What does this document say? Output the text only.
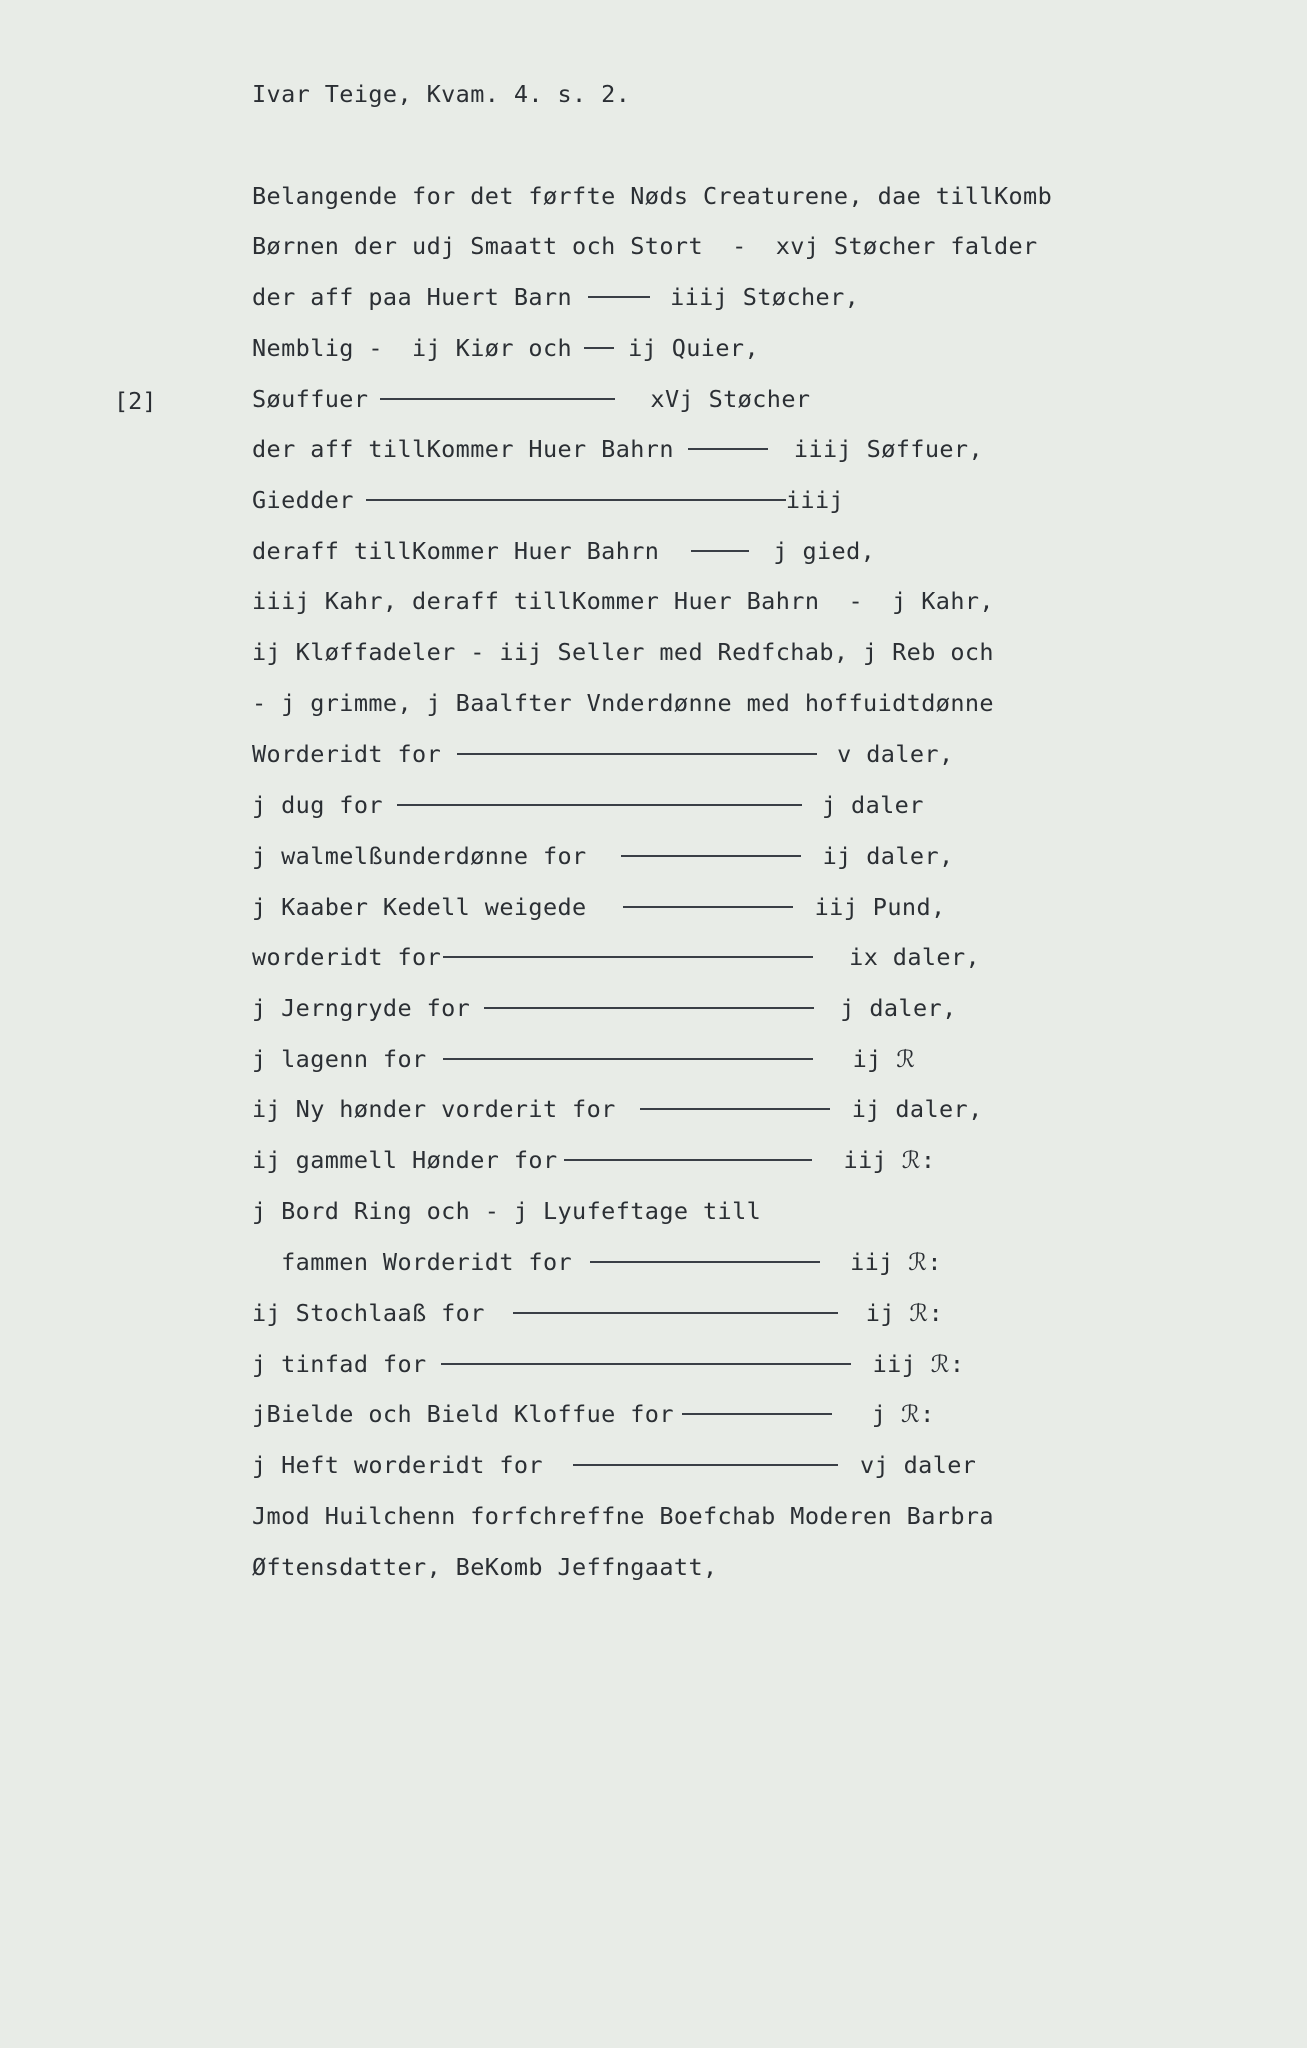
Ivar Teige, Kvam. 4. s. 2.
[2]
Belangende for det førfte Nøds Creaturene, dae tillKomb
Børnen der udj Smaatt och Stort  -  xvj Støcher falder
der aff paa Huert Barn	iiij Støcher,
Nemblig -  ij Kiør och ij Quier,
Søuffuer	xVj Støcher
der aff tillKommer Huer Bahrn	iiij Søffuer,
Giedder	iiij
deraff tillKommer Huer Bahrn	j gied,
iiij Kahr, deraff tillKommer Huer Bahrn  -  j Kahr,
ij Kløffadeler - iij Seller med Redfchab, j Reb och
- j grimme, j Baalfter Vnderdønne med hoffuidtdønne
Worderidt for	v daler,
j dug for	j daler
j walmelßunderdønne for	ij daler,
j Kaaber Kedell weigede	iij Pund,
worderidt for	ix daler,
j Jerngryde for	j daler,
j lagenn for	ij ℛ
ij Ny hønder vorderit for	ij daler,
ij gammell Hønder for	iij ℛ:
j Bord Ring och - j Lyufeftage till
fammen Worderidt for	iij ℛ:
ij Stochlaaß for	ij ℛ:
j tinfad for	iij ℛ:
jBielde och Bield Kloffue for	j ℛ:
j Heft worderidt for	vj daler
Jmod Huilchenn forfchreffne Boefchab Moderen Barbra
Øftensdatter, BeKomb Jeffngaatt,
